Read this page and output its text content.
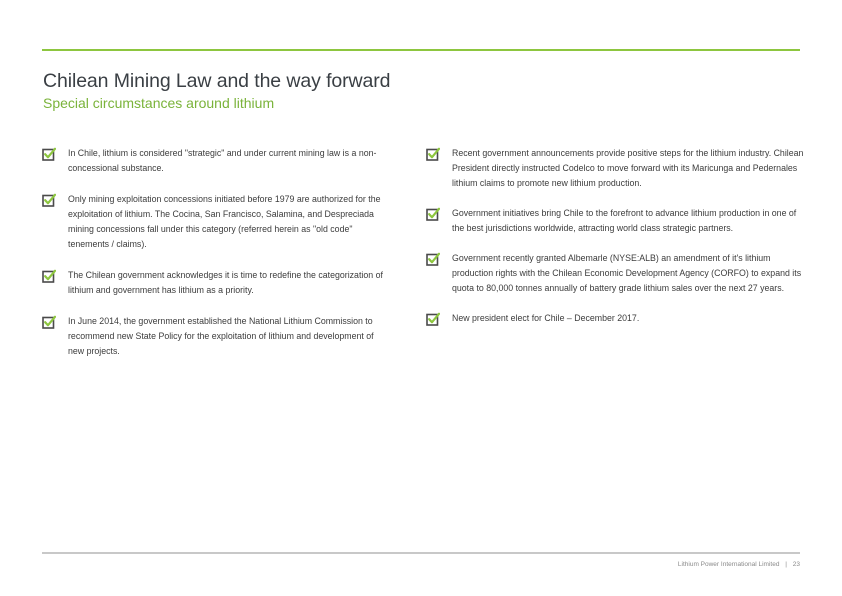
Chilean Mining Law and the way forward
Special circumstances around lithium

In Chile, lithium is considered "strategic" and under current mining law is a non-concessional substance.

Only mining exploitation concessions initiated before 1979 are authorized for the exploitation of lithium. The Cocina, San Francisco, Salamina, and Despreciada mining concessions fall under this category (referred herein as "old code" tenements / claims).

The Chilean government acknowledges it is time to redefine the categorization of lithium and government has lithium as a priority.

In June 2014, the government established the National Lithium Commission to recommend new State Policy for the exploitation of lithium and development of new projects.

Recent government announcements provide positive steps for the lithium industry. Chilean President directly instructed Codelco to move forward with its Maricunga and Pedernales lithium claims to promote new lithium production.

Government initiatives bring Chile to the forefront to advance lithium production in one of the best jurisdictions worldwide, attracting world class strategic partners.

Government recently granted Albemarle (NYSE:ALB) an amendment of it's lithium production rights with the Chilean Economic Development Agency (CORFO) to expand its quota to 80,000 tonnes annually of battery grade lithium sales over the next 27 years.

New president elect for Chile – December 2017.

Lithium Power International Limited | 23
